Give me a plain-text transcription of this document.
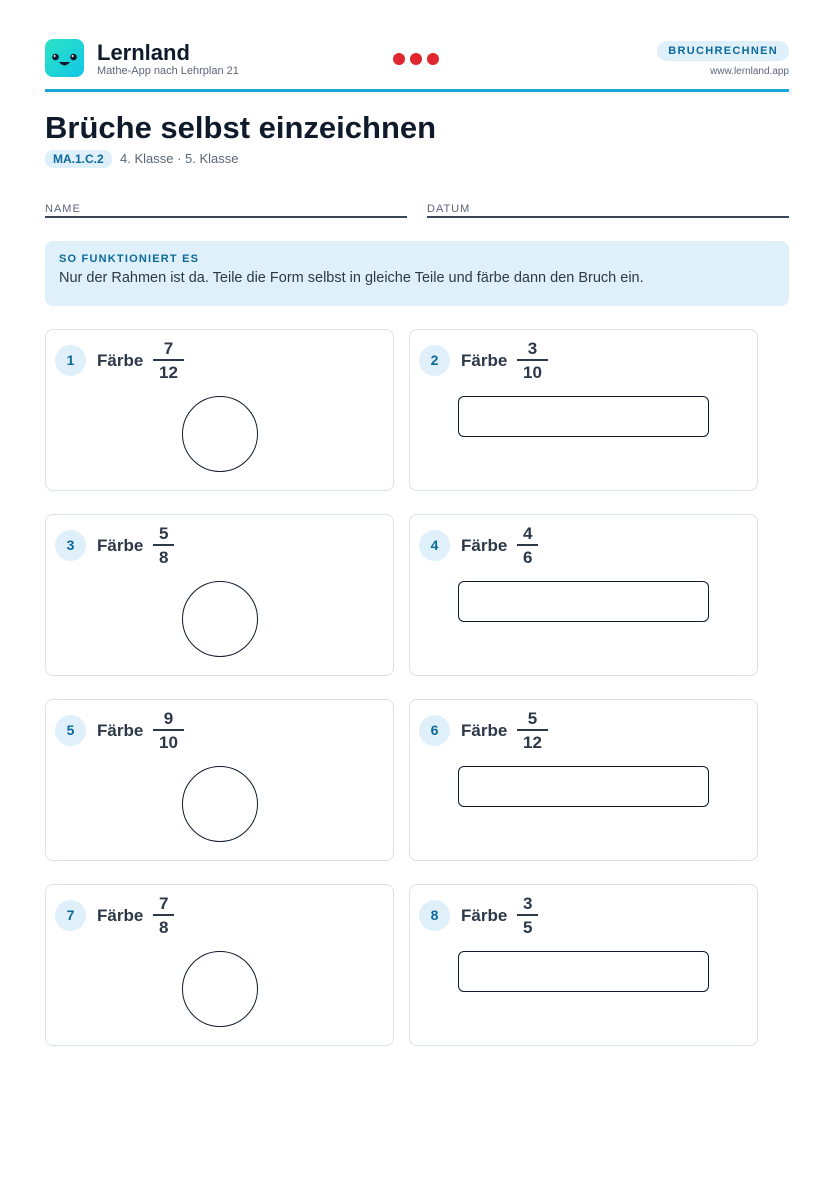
Lernland
Mathe-App nach Lehrplan 21
BRUCHRECHNEN
www.lernland.app
Brüche selbst einzeichnen
MA.1.C.2	4. Klasse · 5. Klasse
NAME	DATUM
SO FUNKTIONIERT ES
Nur der Rahmen ist da. Teile die Form selbst in gleiche Teile und färbe dann den Bruch ein.
1	Färbe $\frac{7}{12}$	2	Färbe $\frac{3}{10}$
3	Färbe $\frac{5}{8}$	4	Färbe $\frac{4}{6}$
5	Färbe $\frac{9}{10}$	6	Färbe $\frac{5}{12}$
7	Färbe $\frac{7}{8}$	8	Färbe $\frac{3}{5}$
